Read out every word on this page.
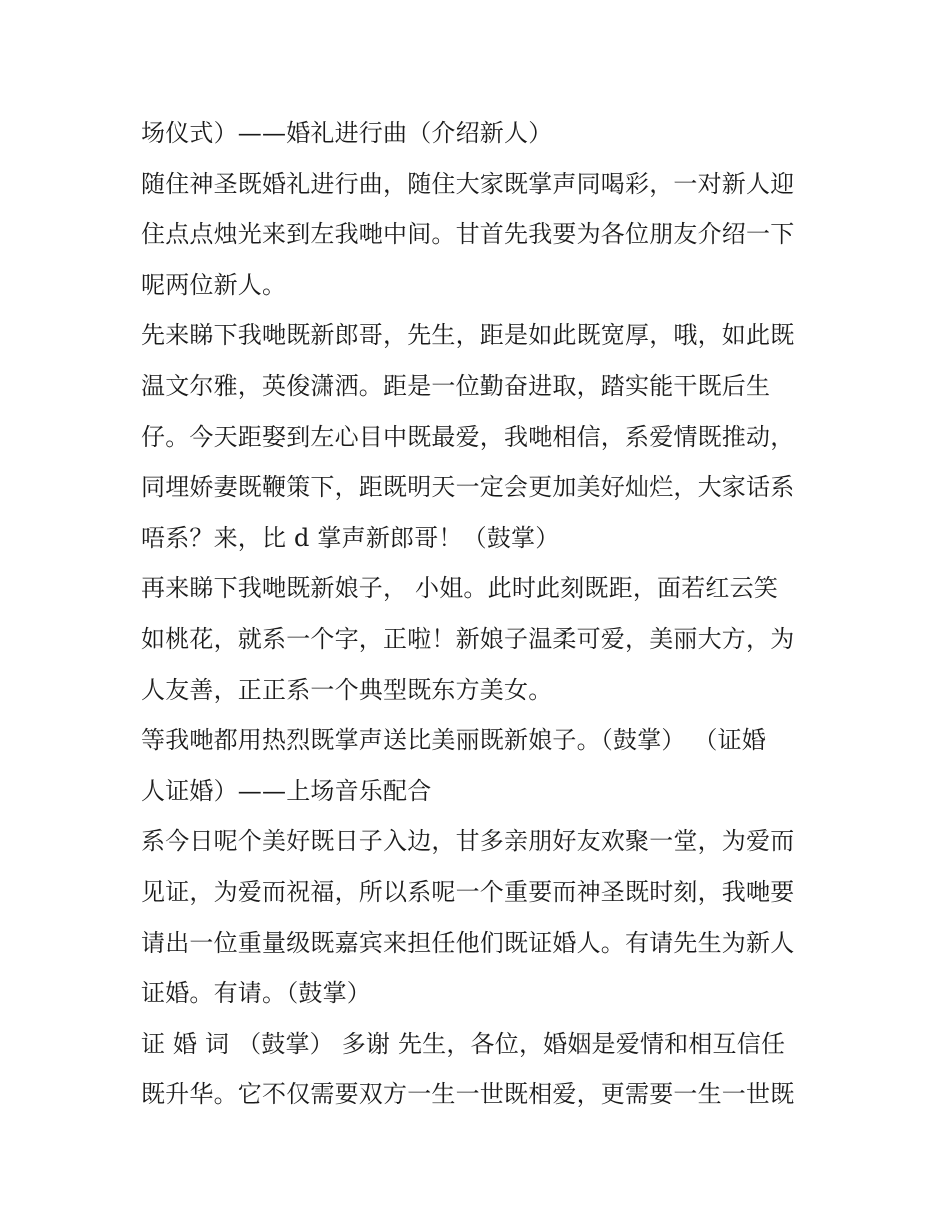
场仪式）——婚礼进行曲（介绍新人）
随住神圣既婚礼进行曲，随住大家既掌声同喝彩，一对新人迎
住点点烛光来到左我哋中间。甘首先我要为各位朋友介绍一下
呢两位新人。
先来睇下我哋既新郎哥，先生，距是如此既宽厚，哦，如此既
温文尔雅，英俊潇洒。距是一位勤奋进取，踏实能干既后生
仔。今天距娶到左心目中既最爱，我哋相信，系爱情既推动，
同埋娇妻既鞭策下，距既明天一定会更加美好灿烂，大家话系
唔系？来，比 d 掌声新郎哥！（鼓掌）
再来睇下我哋既新娘子， 小姐。此时此刻既距，面若红云笑
如桃花，就系一个字，正啦！新娘子温柔可爱，美丽大方，为
人友善，正正系一个典型既东方美女。
等我哋都用热烈既掌声送比美丽既新娘子。（鼓掌） （证婚
人证婚）——上场音乐配合
系今日呢个美好既日子入边，甘多亲朋好友欢聚一堂，为爱而
见证，为爱而祝福，所以系呢一个重要而神圣既时刻，我哋要
请出一位重量级既嘉宾来担任他们既证婚人。有请先生为新人
证婚。有请。（鼓掌）
证 婚 词 （鼓掌） 多谢 先生，各位，婚姻是爱情和相互信任
既升华。它不仅需要双方一生一世既相爱，更需要一生一世既
